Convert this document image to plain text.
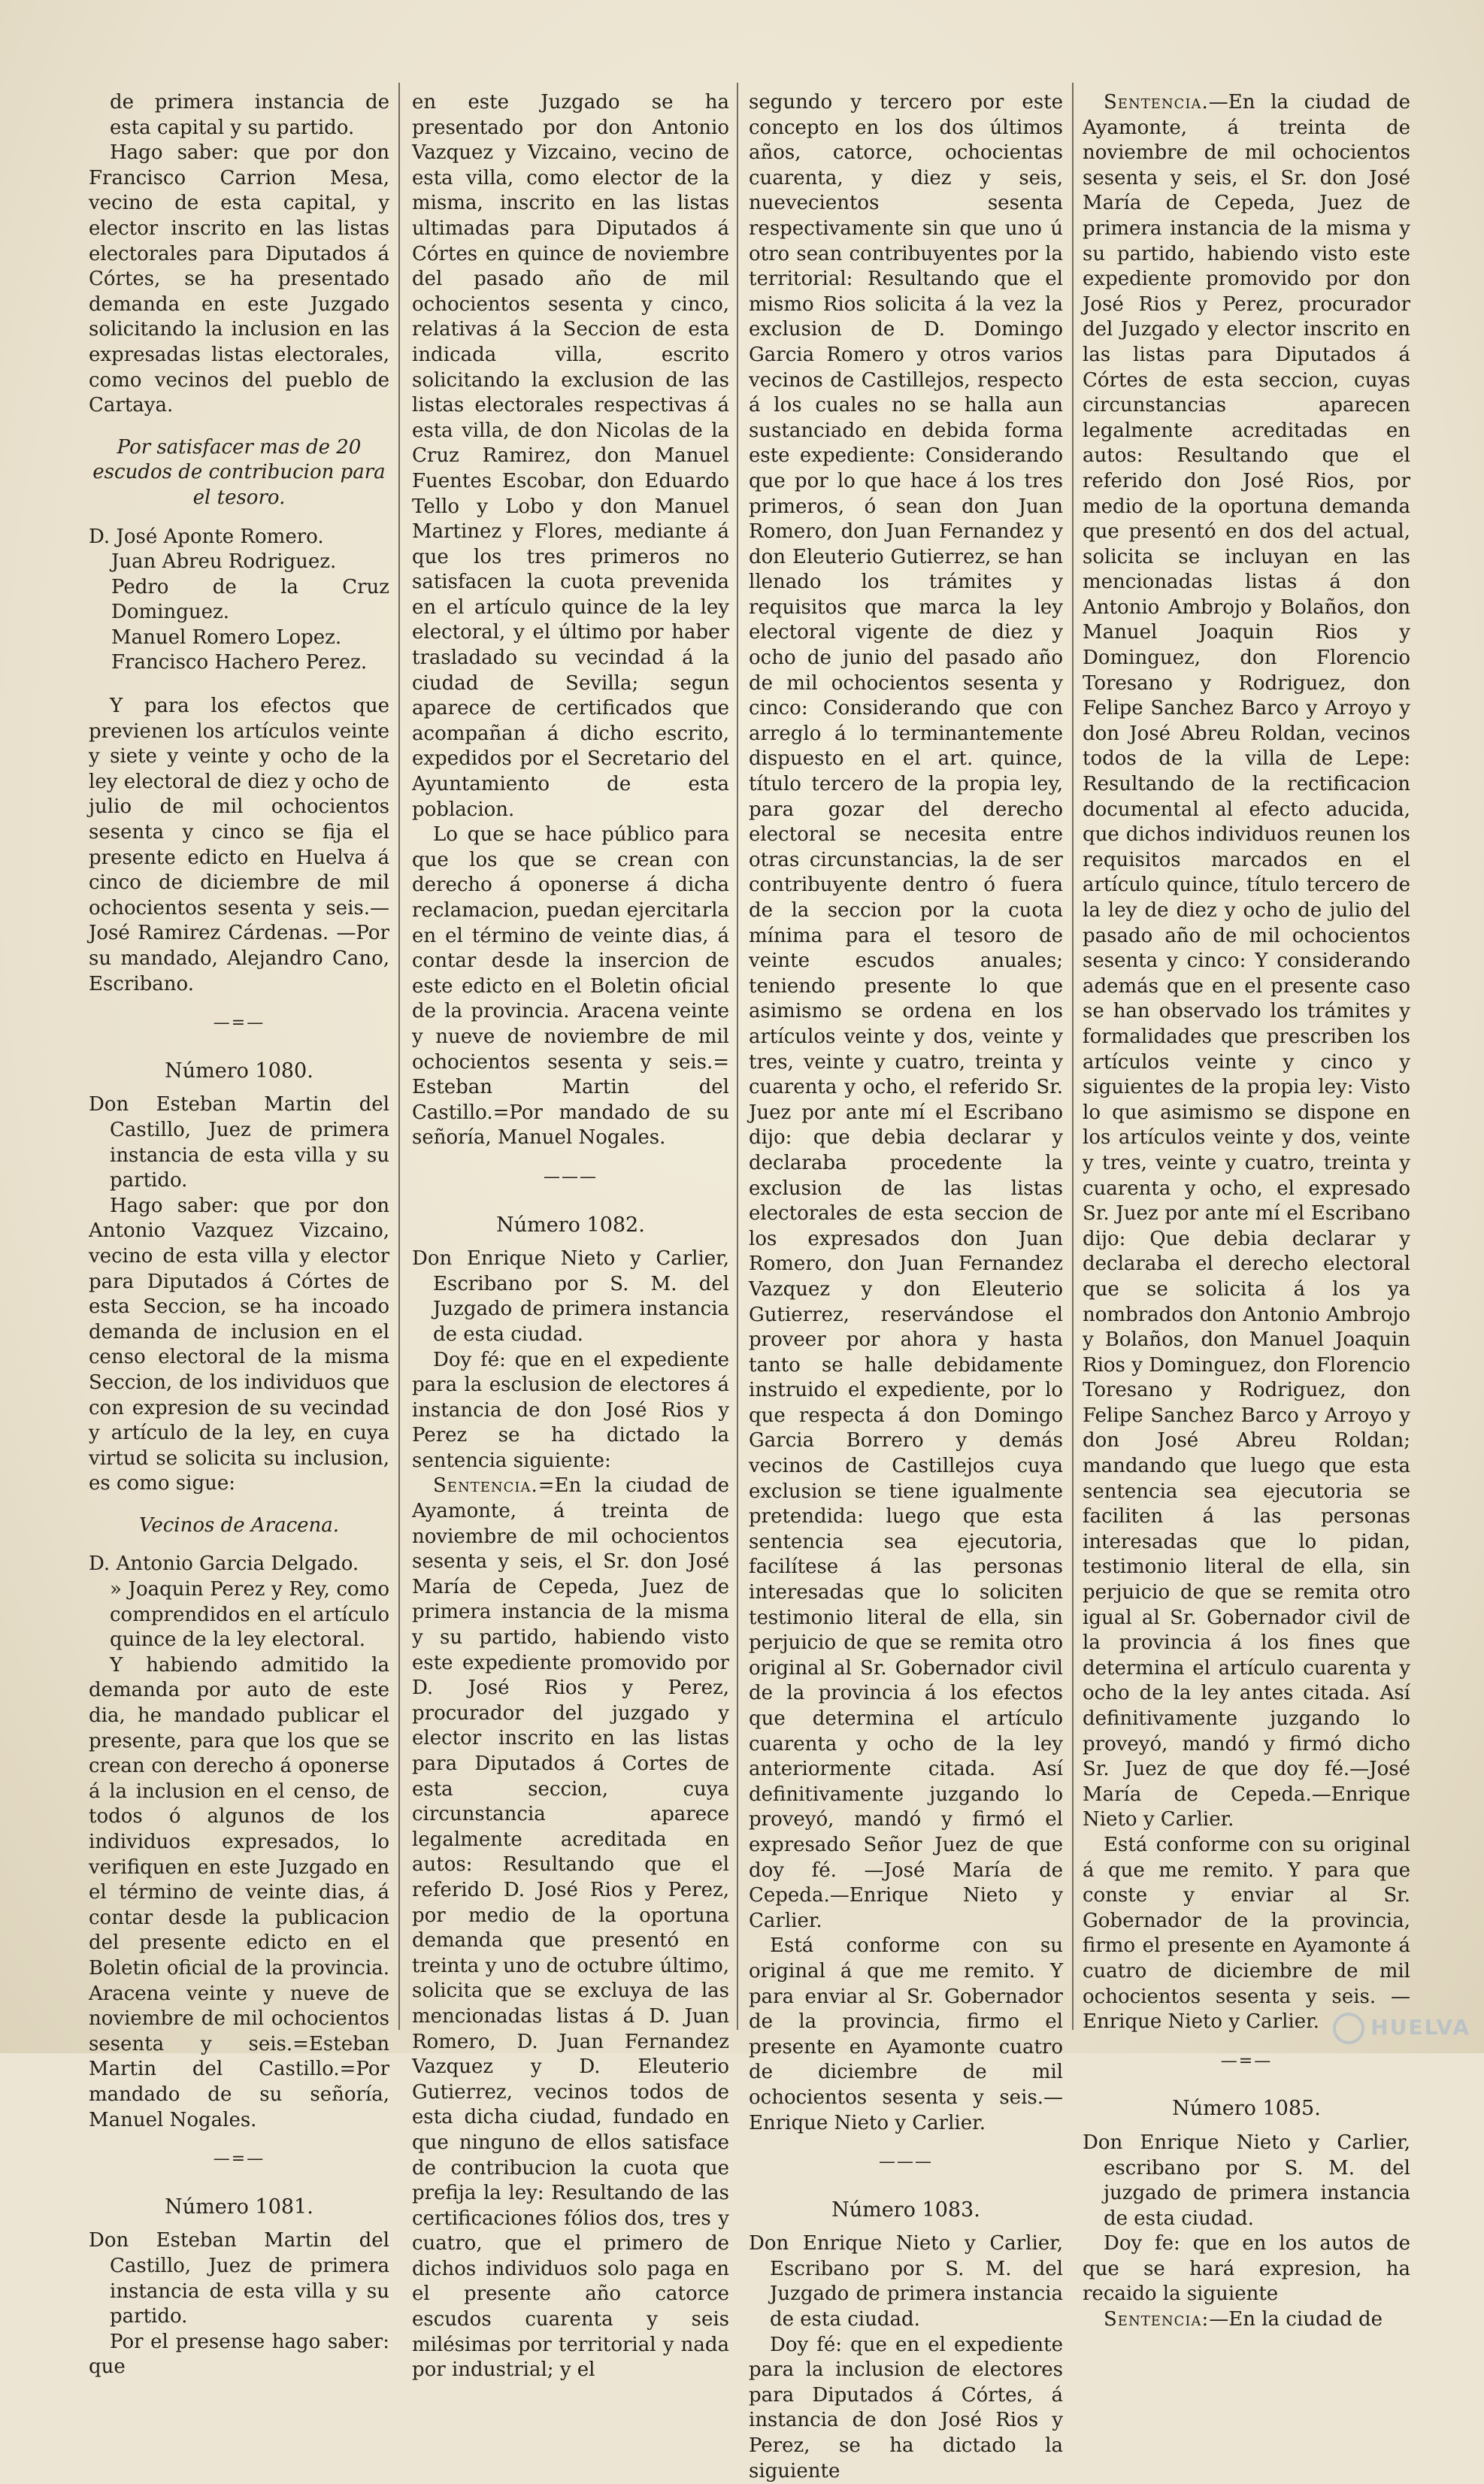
de primera instancia de esta capital y su partido.

Hago saber: que por don Francisco Carrion Mesa, vecino de esta capital, y elector inscrito en las listas electorales para Diputados á Córtes, se ha presentado demanda en este Juzgado solicitando la inclusion en las expresadas listas electorales, como vecinos del pueblo de Cartaya.

Por satisfacer mas de 20 escudos de contribucion para el tesoro.

D. José Aponte Romero.

Juan Abreu Rodriguez.

Pedro de la Cruz Dominguez.

Manuel Romero Lopez.

Francisco Hachero Perez.

Y para los efectos que previenen los artículos veinte y siete y veinte y ocho de la ley electoral de diez y ocho de julio de mil ochocientos sesenta y cinco se fija el presente edicto en Huelva á cinco de diciembre de mil ochocientos sesenta y seis.—José Ramirez Cárdenas. —Por su mandado, Alejandro Cano, Escribano.

—=—
Número 1080.

Don Esteban Martin del Castillo, Juez de primera instancia de esta villa y su partido.

Hago saber: que por don Antonio Vazquez Vizcaino, vecino de esta villa y elector para Diputados á Córtes de esta Seccion, se ha incoado demanda de inclusion en el censo electoral de la misma Seccion, de los individuos que con expresion de su vecindad y artículo de la ley, en cuya virtud se solicita su inclusion, es como sigue:

Vecinos de Aracena.

D. Antonio Garcia Delgado.

» Joaquin Perez y Rey, como comprendidos en el artículo quince de la ley electoral.

Y habiendo admitido la demanda por auto de este dia, he mandado publicar el presente, para que los que se crean con derecho á oponerse á la inclusion en el censo, de todos ó algunos de los individuos expresados, lo verifiquen en este Juzgado en el término de veinte dias, á contar desde la publicacion del presente edicto en el Boletin oficial de la provincia. Aracena veinte y nueve de noviembre de mil ochocientos sesenta y seis.=Esteban Martin del Castillo.=Por mandado de su señoría, Manuel Nogales.

—=—
Número 1081.

Don Esteban Martin del Castillo, Juez de primera instancia de esta villa y su partido.

Por el presense hago saber: que

en este Juzgado se ha presentado por don Antonio Vazquez y Vizcaino, vecino de esta villa, como elector de la misma, inscrito en las listas ultimadas para Diputados á Córtes en quince de noviembre del pasado año de mil ochocientos sesenta y cinco, relativas á la Seccion de esta indicada villa, escrito solicitando la exclusion de las listas electorales respectivas á esta villa, de don Nicolas de la Cruz Ramirez, don Manuel Fuentes Escobar, don Eduardo Tello y Lobo y don Manuel Martinez y Flores, mediante á que los tres primeros no satisfacen la cuota prevenida en el artículo quince de la ley electoral, y el último por haber trasladado su vecindad á la ciudad de Sevilla; segun aparece de certificados que acompañan á dicho escrito, expedidos por el Secretario del Ayuntamiento de esta poblacion.

Lo que se hace público para que los que se crean con derecho á oponerse á dicha reclamacion, puedan ejercitarla en el término de veinte dias, á contar desde la insercion de este edicto en el Boletin oficial de la provincia. Aracena veinte y nueve de noviembre de mil ochocientos sesenta y seis.= Esteban Martin del Castillo.=Por mandado de su señoría, Manuel Nogales.

———
Número 1082.

Don Enrique Nieto y Carlier, Escribano por S. M. del Juzgado de primera instancia de esta ciudad.

Doy fé: que en el expediente para la esclusion de electores á instancia de don José Rios y Perez se ha dictado la sentencia siguiente:

Sentencia.=En la ciudad de Ayamonte, á treinta de noviembre de mil ochocientos sesenta y seis, el Sr. don José María de Cepeda, Juez de primera instancia de la misma y su partido, habiendo visto este expediente promovido por D. José Rios y Perez, procurador del juzgado y elector inscrito en las listas para Diputados á Cortes de esta seccion, cuya circunstancia aparece legalmente acreditada en autos: Resultando que el referido D. José Rios y Perez, por medio de la oportuna demanda que presentó en treinta y uno de octubre último, solicita que se excluya de las mencionadas listas á D. Juan Romero, D. Juan Fernandez Vazquez y D. Eleuterio Gutierrez, vecinos todos de esta dicha ciudad, fundado en que ninguno de ellos satisface de contribucion la cuota que prefija la ley: Resultando de las certificaciones fólios dos, tres y cuatro, que el primero de dichos individuos solo paga en el presente año catorce escudos cuarenta y seis milésimas por territorial y nada por industrial; y el

segundo y tercero por este concepto en los dos últimos años, catorce, ochocientas cuarenta, y diez y seis, nuevecientos sesenta respectivamente sin que uno ú otro sean contribuyentes por la territorial: Resultando que el mismo Rios solicita á la vez la exclusion de D. Domingo Garcia Romero y otros varios vecinos de Castillejos, respecto á los cuales no se halla aun sustanciado en debida forma este expediente: Considerando que por lo que hace á los tres primeros, ó sean don Juan Romero, don Juan Fernandez y don Eleuterio Gutierrez, se han llenado los trámites y requisitos que marca la ley electoral vigente de diez y ocho de junio del pasado año de mil ochocientos sesenta y cinco: Considerando que con arreglo á lo terminantemente dispuesto en el art. quince, título tercero de la propia ley, para gozar del derecho electoral se necesita entre otras circunstancias, la de ser contribuyente dentro ó fuera de la seccion por la cuota mínima para el tesoro de veinte escudos anuales; teniendo presente lo que asimismo se ordena en los artículos veinte y dos, veinte y tres, veinte y cuatro, treinta y cuarenta y ocho, el referido Sr. Juez por ante mí el Escribano dijo: que debia declarar y declaraba procedente la exclusion de las listas electorales de esta seccion de los expresados don Juan Romero, don Juan Fernandez Vazquez y don Eleuterio Gutierrez, reservándose el proveer por ahora y hasta tanto se halle debidamente instruido el expediente, por lo que respecta á don Domingo Garcia Borrero y demás vecinos de Castillejos cuya exclusion se tiene igualmente pretendida: luego que esta sentencia sea ejecutoria, facilítese á las personas interesadas que lo soliciten testimonio literal de ella, sin perjuicio de que se remita otro original al Sr. Gobernador civil de la provincia á los efectos que determina el artículo cuarenta y ocho de la ley anteriormente citada. Así definitivamente juzgando lo proveyó, mandó y firmó el expresado Señor Juez de que doy fé. —José María de Cepeda.—Enrique Nieto y Carlier.

Está conforme con su original á que me remito. Y para enviar al Sr. Gobernador de la provincia, firmo el presente en Ayamonte cuatro de diciembre de mil ochocientos sesenta y seis.—Enrique Nieto y Carlier.

———
Número 1083.

Don Enrique Nieto y Carlier, Escribano por S. M. del Juzgado de primera instancia de esta ciudad.

Doy fé: que en el expediente para la inclusion de electores para Diputados á Córtes, á instancia de don José Rios y Perez, se ha dictado la siguiente

Sentencia.—En la ciudad de Ayamonte, á treinta de noviembre de mil ochocientos sesenta y seis, el Sr. don José María de Cepeda, Juez de primera instancia de la misma y su partido, habiendo visto este expediente promovido por don José Rios y Perez, procurador del Juzgado y elector inscrito en las listas para Diputados á Córtes de esta seccion, cuyas circunstancias aparecen legalmente acreditadas en autos: Resultando que el referido don José Rios, por medio de la oportuna demanda que presentó en dos del actual, solicita se incluyan en las mencionadas listas á don Antonio Ambrojo y Bolaños, don Manuel Joaquin Rios y Dominguez, don Florencio Toresano y Rodriguez, don Felipe Sanchez Barco y Arroyo y don José Abreu Roldan, vecinos todos de la villa de Lepe: Resultando de la rectificacion documental al efecto aducida, que dichos individuos reunen los requisitos marcados en el artículo quince, título tercero de la ley de diez y ocho de julio del pasado año de mil ochocientos sesenta y cinco: Y considerando además que en el presente caso se han observado los trámites y formalidades que prescriben los artículos veinte y cinco y siguientes de la propia ley: Visto lo que asimismo se dispone en los artículos veinte y dos, veinte y tres, veinte y cuatro, treinta y cuarenta y ocho, el expresado Sr. Juez por ante mí el Escribano dijo: Que debia declarar y declaraba el derecho electoral que se solicita á los ya nombrados don Antonio Ambrojo y Bolaños, don Manuel Joaquin Rios y Dominguez, don Florencio Toresano y Rodriguez, don Felipe Sanchez Barco y Arroyo y don José Abreu Roldan; mandando que luego que esta sentencia sea ejecutoria se faciliten á las personas interesadas que lo pidan, testimonio literal de ella, sin perjuicio de que se remita otro igual al Sr. Gobernador civil de la provincia á los fines que determina el artículo cuarenta y ocho de la ley antes citada. Así definitivamente juzgando lo proveyó, mandó y firmó dicho Sr. Juez de que doy fé.—José María de Cepeda.—Enrique Nieto y Carlier.

Está conforme con su original á que me remito. Y para que conste y enviar al Sr. Gobernador de la provincia, firmo el presente en Ayamonte á cuatro de diciembre de mil ochocientos sesenta y seis. —Enrique Nieto y Carlier.

—=—
Número 1085.

Don Enrique Nieto y Carlier, escribano por S. M. del juzgado de primera instancia de esta ciudad.

Doy fe: que en los autos de que se hará expresion, ha recaido la siguiente

Sentencia:—En la ciudad de

HUELVA
